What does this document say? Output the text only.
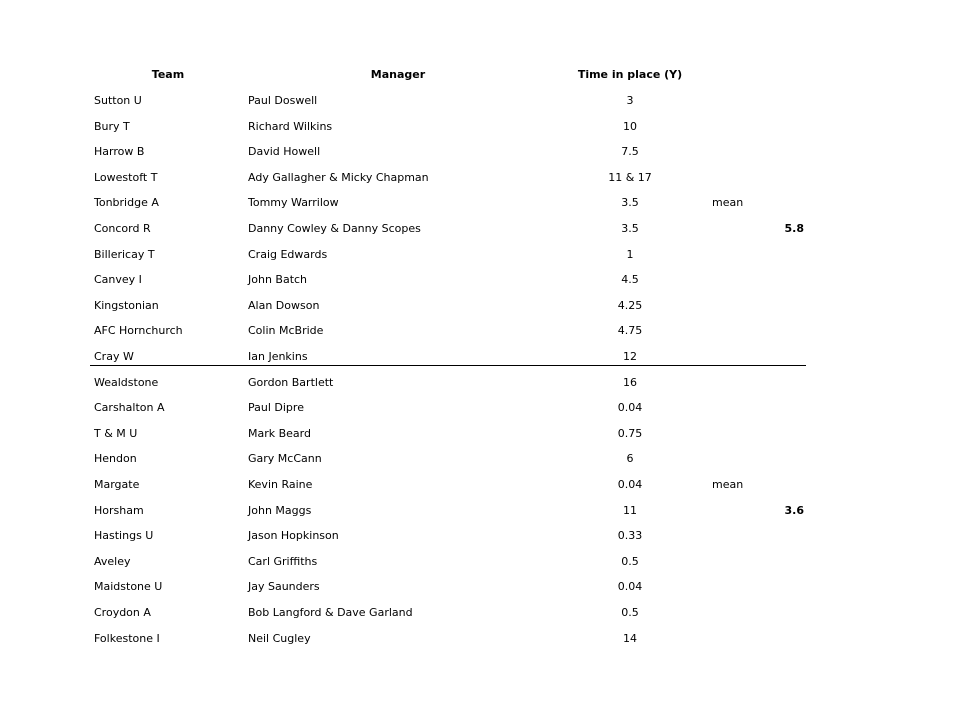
Team	Manager	Time in place (Y)
Sutton U	Paul Doswell	3
Bury T	Richard Wilkins	10
Harrow B	David Howell	7.5
Lowestoft T	Ady Gallagher & Micky Chapman	11 & 17
Tonbridge A	Tommy Warrilow	3.5	mean
Concord R	Danny Cowley & Danny Scopes	3.5	5.8
Billericay T	Craig Edwards	1
Canvey I	John Batch	4.5
Kingstonian	Alan Dowson	4.25
AFC Hornchurch	Colin McBride	4.75
Cray W	Ian Jenkins	12
Wealdstone	Gordon Bartlett	16
Carshalton A	Paul Dipre	0.04
T & M U	Mark Beard	0.75
Hendon	Gary McCann	6
Margate	Kevin Raine	0.04	mean
Horsham	John Maggs	11	3.6
Hastings U	Jason Hopkinson	0.33
Aveley	Carl Griffiths	0.5
Maidstone U	Jay Saunders	0.04
Croydon A	Bob Langford & Dave Garland	0.5
Folkestone I	Neil Cugley	14
